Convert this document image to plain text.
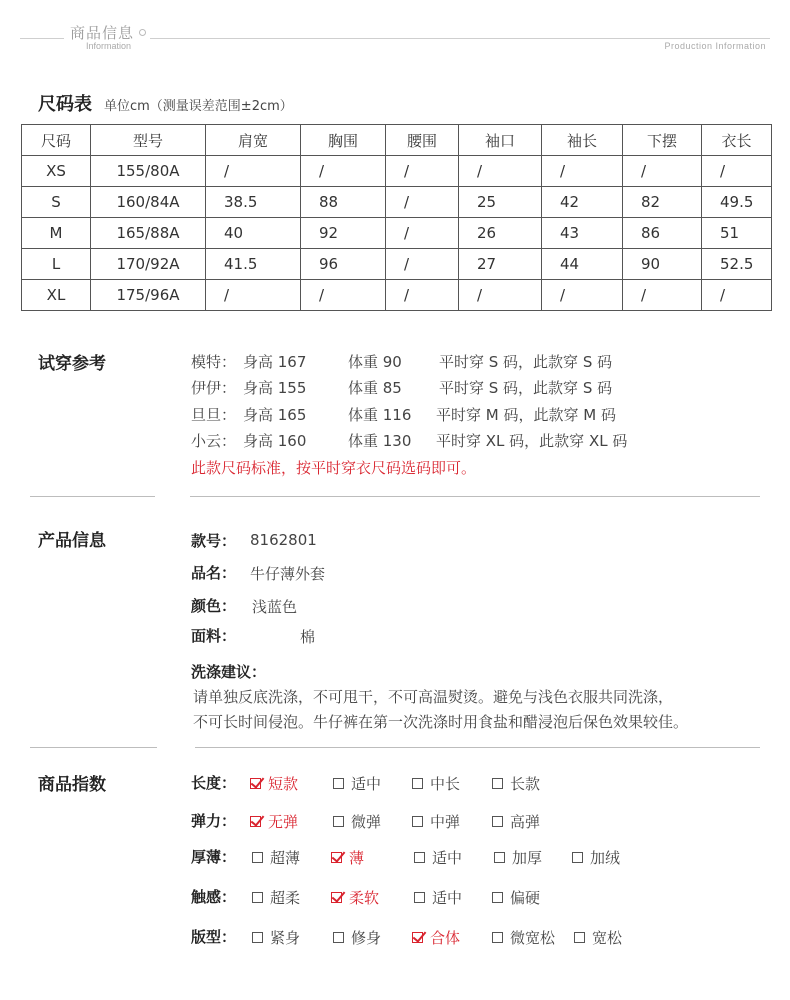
商品信息
Information	Production Information
尺码表 单位cm（测量误差范围±2cm）
尺码	型号	肩宽	胸围	腰围	袖口	袖长	下摆	衣长
XS	155/80A	/	/	/	/	/	/	/
S	160/84A	38.5	88	/	25	42	82	49.5
M	165/88A	40	92	/	26	43	86	51
L	170/92A	41.5	96	/	27	44	90	52.5
XL	175/96A	/	/	/	/	/	/	/
试穿参考	模特： 身高 167	体重 90 平时穿 S 码，此款穿 S 码
伊伊： 身高 155	体重 85 平时穿 S 码，此款穿 S 码
旦旦： 身高 165	体重 116 平时穿 M 码，此款穿 M 码
小云： 身高 160	体重 130 平时穿 XL 码，此款穿 XL 码
此款尺码标准，按平时穿衣尺码选码即可。
产品信息	款号： 8162801
品名： 牛仔薄外套
颜色： 浅蓝色
面料：	棉
洗涤建议：
请单独反底洗涤，不可甩干，不可高温熨烫。避免与浅色衣服共同洗涤，
不可长时间侵泡。牛仔裤在第一次洗涤时用食盐和醋浸泡后保色效果较佳。
商品指数	长度： 短款	适中	中长	长款
弹力： 无弹	微弹	中弹	高弹
厚薄： 超薄	薄	适中	加厚	加绒
触感： 超柔	柔软	适中	偏硬
版型： 紧身	修身	合体	微宽松 宽松
